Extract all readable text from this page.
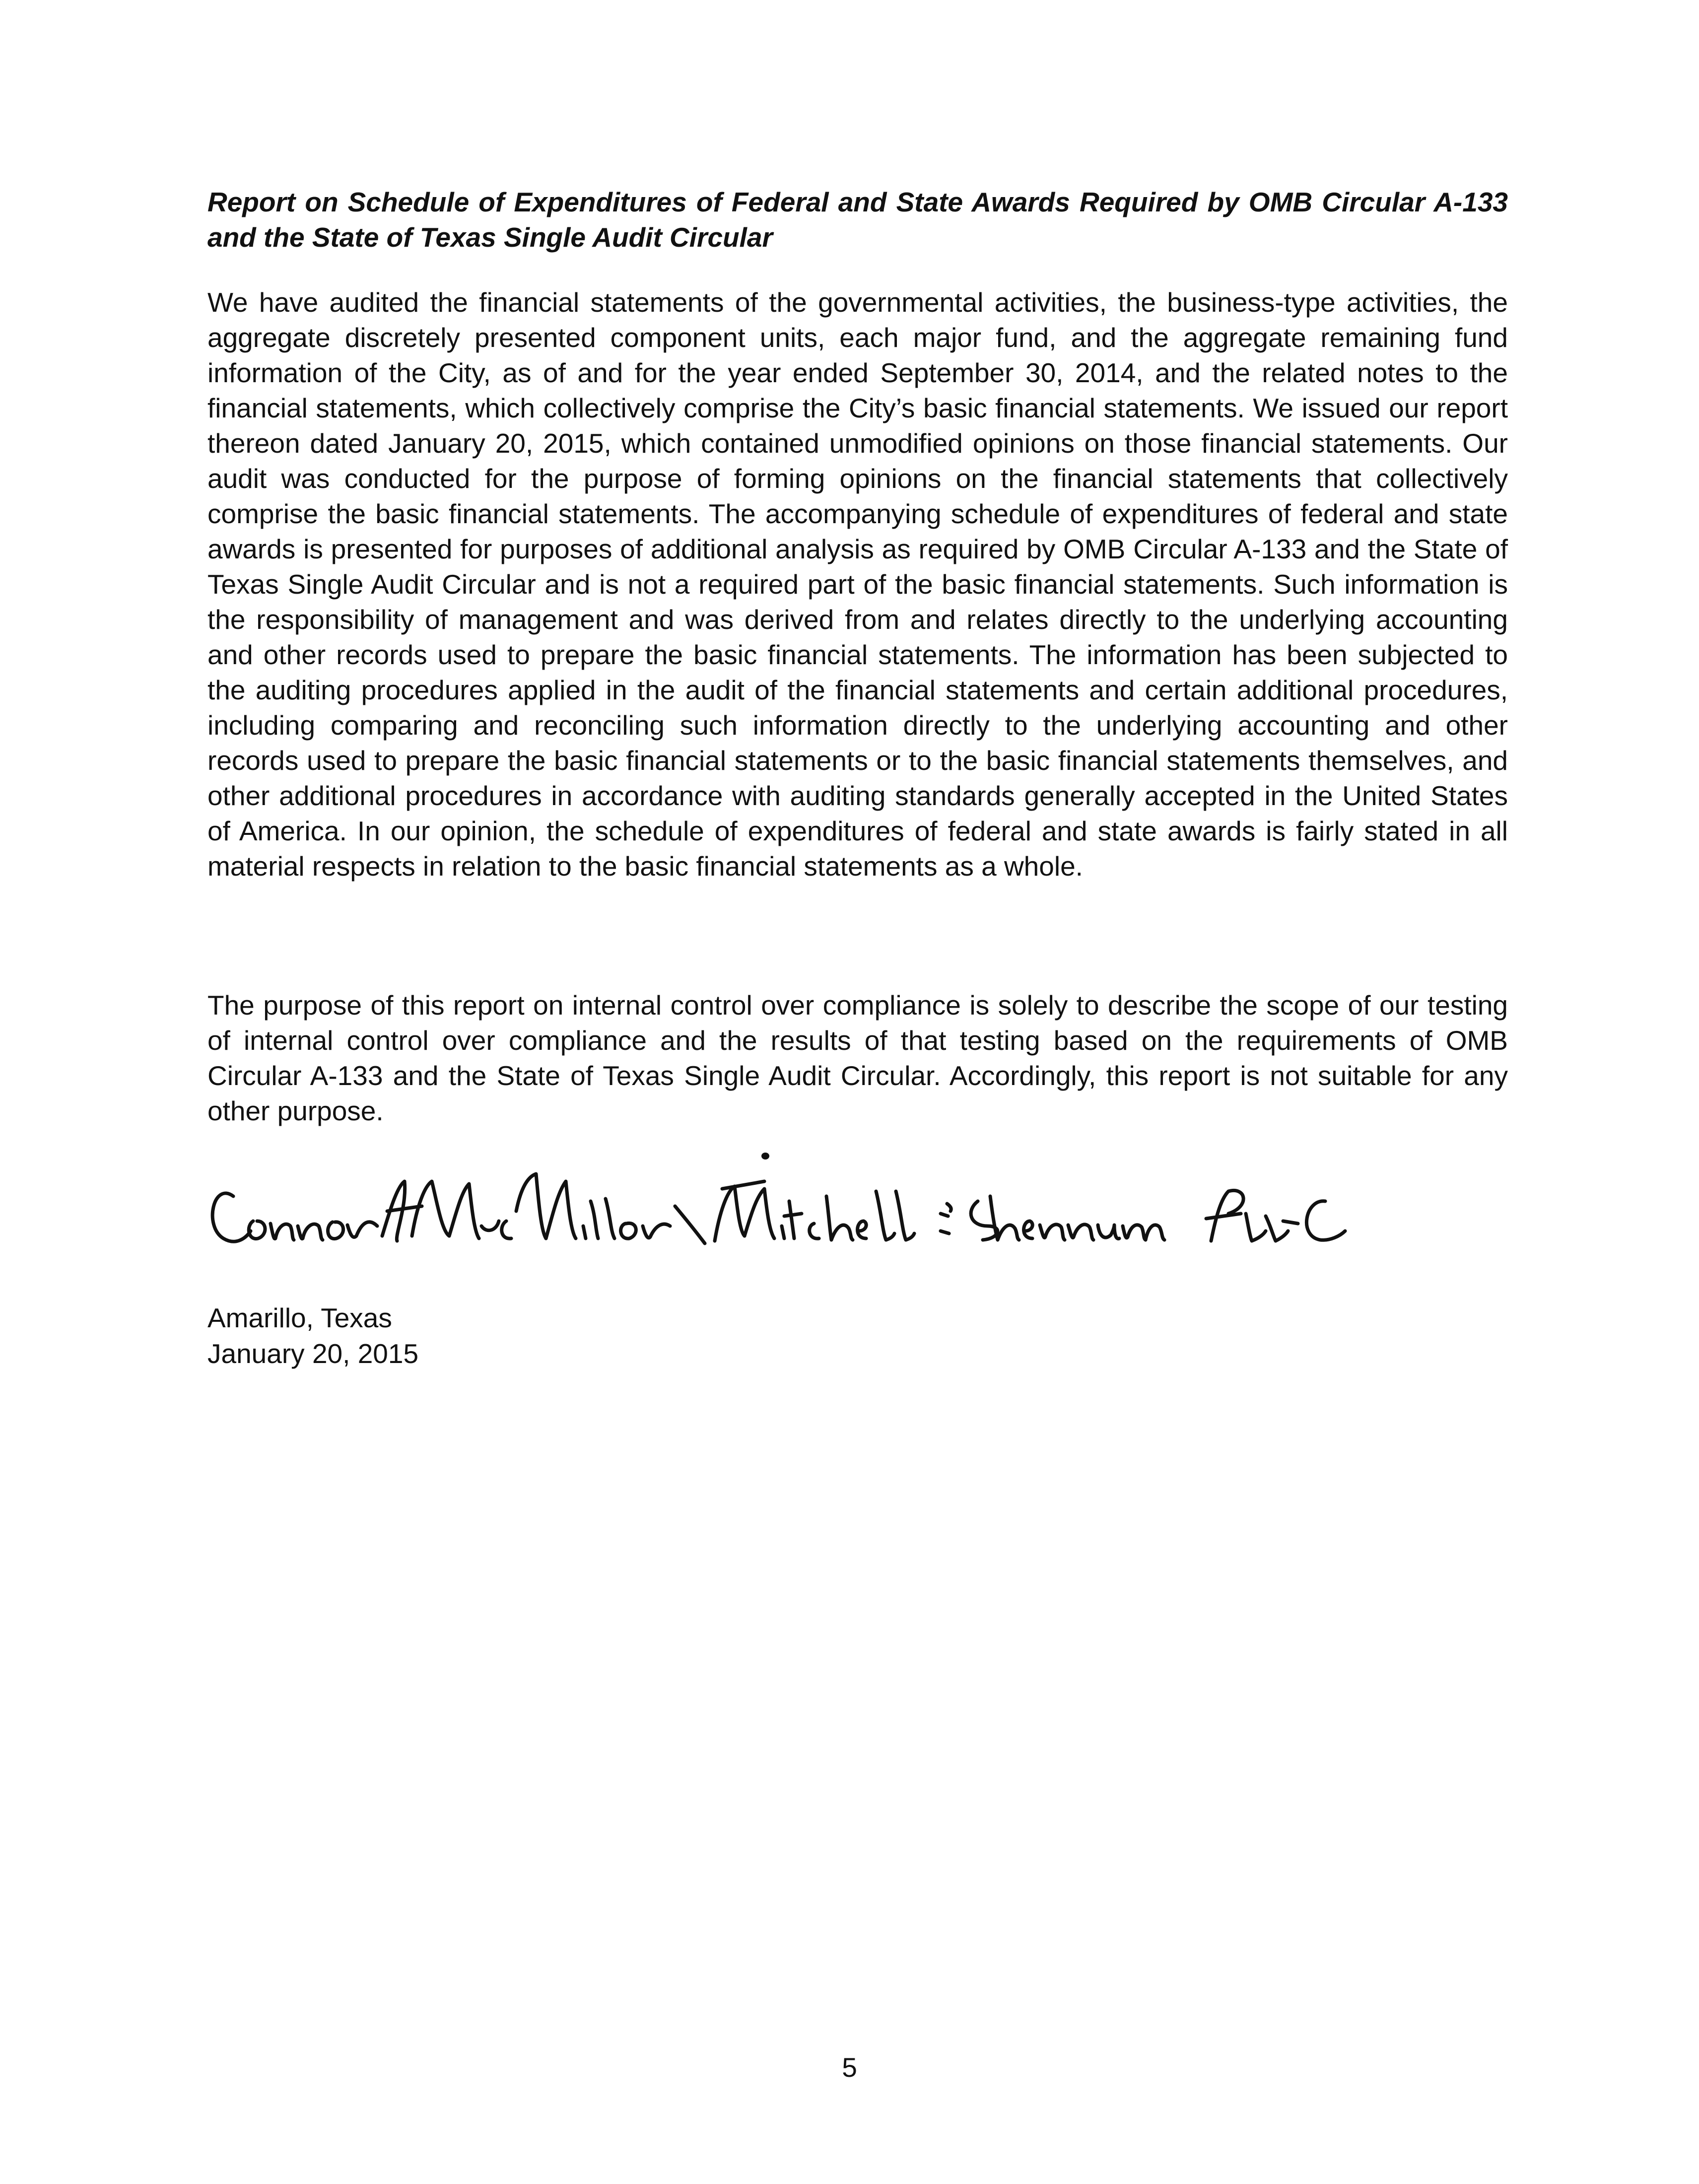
Report on Schedule of Expenditures of Federal and State Awards Required by OMB Circular A-133 and the State of Texas Single Audit Circular

We have audited the financial statements of the governmental activities, the business-type activities, the aggregate discretely presented component units, each major fund, and the aggregate remaining fund information of the City, as of and for the year ended September 30, 2014, and the related notes to the financial statements, which collectively comprise the City’s basic financial statements. We issued our report thereon dated January 20, 2015, which contained unmodified opinions on those financial statements. Our audit was conducted for the purpose of forming opinions on the financial statements that collectively comprise the basic financial statements. The accompanying schedule of expenditures of federal and state awards is presented for purposes of additional analysis as required by OMB Circular A-133 and the State of Texas Single Audit Circular and is not a required part of the basic financial statements. Such information is the responsibility of management and was derived from and relates directly to the underlying accounting and other records used to prepare the basic financial statements. The information has been subjected to the auditing procedures applied in the audit of the financial statements and certain additional procedures, including comparing and reconciling such information directly to the underlying accounting and other records used to prepare the basic financial statements or to the basic financial statements themselves, and other additional procedures in accordance with auditing standards generally accepted in the United States of America. In our opinion, the schedule of expenditures of federal and state awards is fairly stated in all material respects in relation to the basic financial statements as a whole.

The purpose of this report on internal control over compliance is solely to describe the scope of our testing of internal control over compliance and the results of that testing based on the requirements of OMB Circular A-133 and the State of Texas Single Audit Circular. Accordingly, this report is not suitable for any other purpose.

Amarillo, Texas
January 20, 2015
5
